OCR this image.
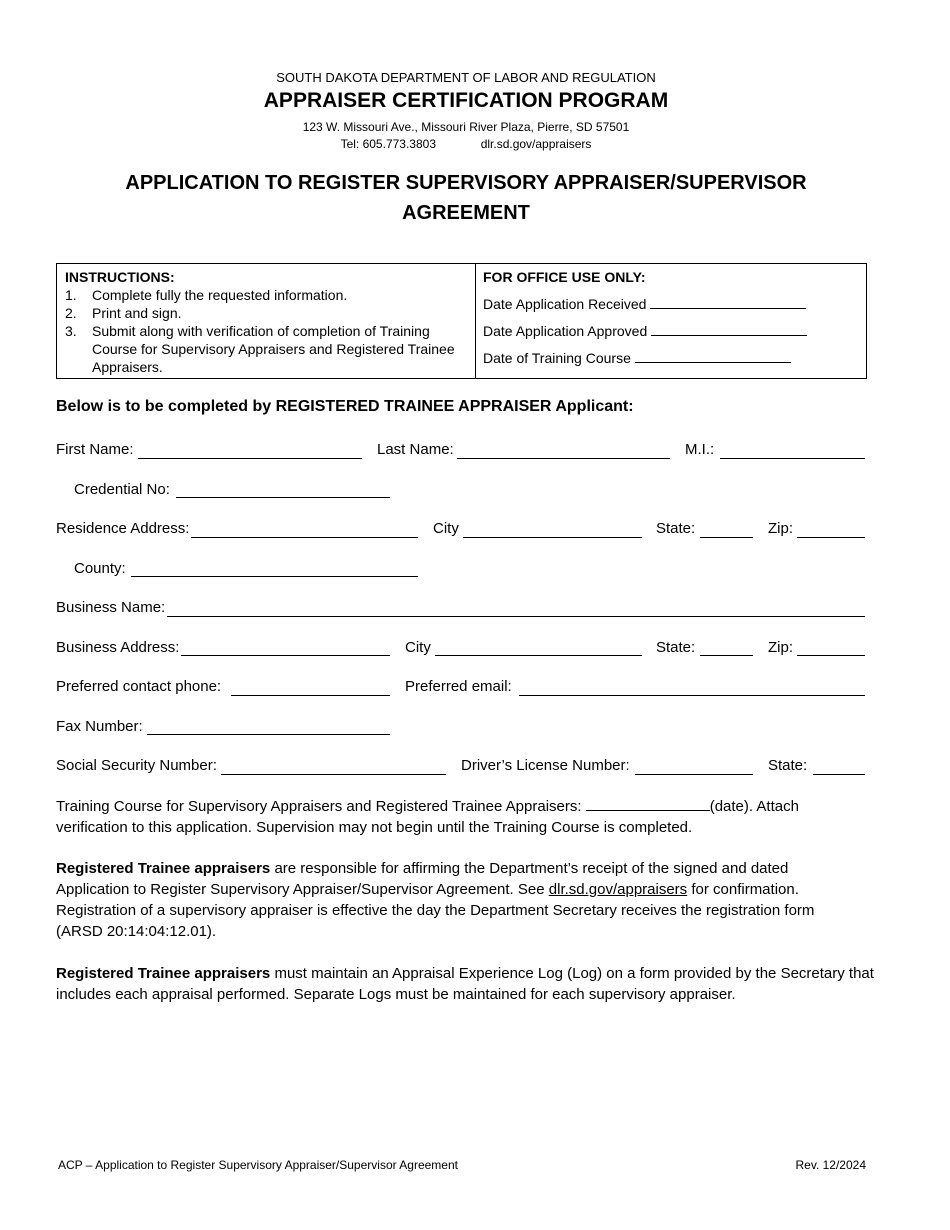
SOUTH DAKOTA DEPARTMENT OF LABOR AND REGULATION
APPRAISER CERTIFICATION PROGRAM
123 W. Missouri Ave., Missouri River Plaza, Pierre, SD 57501
Tel: 605.773.3803	dlr.sd.gov/appraisers
APPLICATION TO REGISTER SUPERVISORY APPRAISER/SUPERVISOR
AGREEMENT
INSTRUCTIONS:
1. Complete fully the requested information.
2. Print and sign.
3. Submit along with verification of completion of Training Course for Supervisory Appraisers and Registered Trainee Appraisers.
FOR OFFICE USE ONLY:
Date Application Received
Date Application Approved
Date of Training Course
Below is to be completed by REGISTERED TRAINEE APPRAISER Applicant:
First Name:	Last Name:	M.I.:
Credential No:
Residence Address:	City	State:	Zip:
County:
Business Name:
Business Address:	City	State:	Zip:
Preferred contact phone:	Preferred email:
Fax Number:
Social Security Number:	Driver’s License Number:	State:
Training Course for Supervisory Appraisers and Registered Trainee Appraisers:	(date). Attach verification to this application. Supervision may not begin until the Training Course is completed.
Registered Trainee appraisers are responsible for affirming the Department’s receipt of the signed and dated Application to Register Supervisory Appraiser/Supervisor Agreement. See dlr.sd.gov/appraisers for confirmation. Registration of a supervisory appraiser is effective the day the Department Secretary receives the registration form (ARSD 20:14:04:12.01).
Registered Trainee appraisers must maintain an Appraisal Experience Log (Log) on a form provided by the Secretary that includes each appraisal performed. Separate Logs must be maintained for each supervisory appraiser.
ACP – Application to Register Supervisory Appraiser/Supervisor Agreement	Rev. 12/2024
